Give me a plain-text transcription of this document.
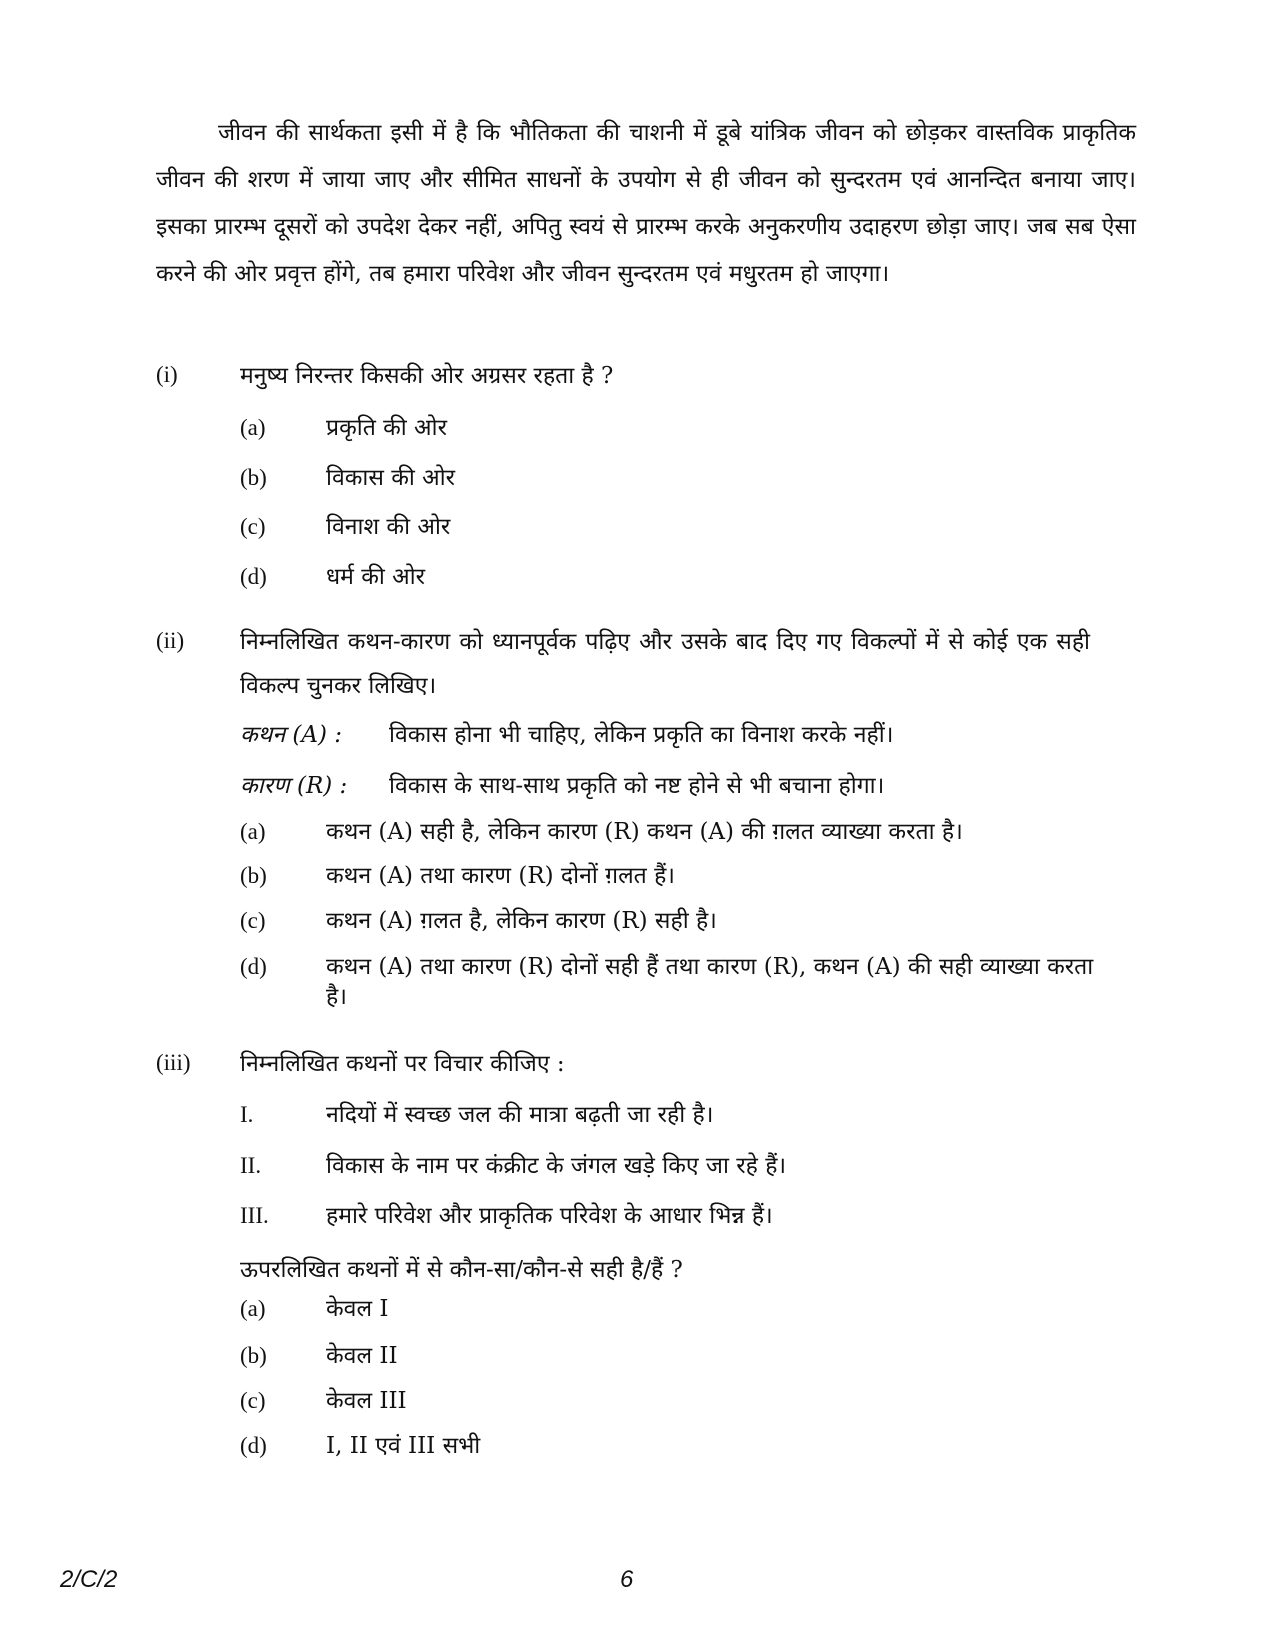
जीवन की सार्थकता इसी में है कि भौतिकता की चाशनी में डूबे यांत्रिक जीवन को छोड़कर वास्तविक प्राकृतिक जीवन की शरण में जाया जाए और सीमित साधनों के उपयोग से ही जीवन को सुन्दरतम एवं आनन्दित बनाया जाए। इसका प्रारम्भ दूसरों को उपदेश देकर नहीं, अपितु स्वयं से प्रारम्भ करके अनुकरणीय उदाहरण छोड़ा जाए। जब सब ऐसा करने की ओर प्रवृत्त होंगे, तब हमारा परिवेश और जीवन सुन्दरतम एवं मधुरतम हो जाएगा।

(i)	मनुष्य निरन्तर किसकी ओर अग्रसर रहता है ?
(a)	प्रकृति की ओर
(b)	विकास की ओर
(c)	विनाश की ओर
(d)	धर्म की ओर
(ii) निम्नलिखित कथन-कारण को ध्यानपूर्वक पढ़िए और उसके बाद दिए गए विकल्पों में से कोई एक सही विकल्प चुनकर लिखिए।
कथन (A) : विकास होना भी चाहिए, लेकिन प्रकृति का विनाश करके नहीं।
कारण (R) : विकास के साथ-साथ प्रकृति को नष्ट होने से भी बचाना होगा।
(a)	कथन (A) सही है, लेकिन कारण (R) कथन (A) की ग़लत व्याख्या करता है।
(b)	कथन (A) तथा कारण (R) दोनों ग़लत हैं।
(c)	कथन (A) ग़लत है, लेकिन कारण (R) सही है।
(d)	कथन (A) तथा कारण (R) दोनों सही हैं तथा कारण (R), कथन (A) की सही व्याख्या करता है।
(iii) निम्नलिखित कथनों पर विचार कीजिए :
I.	नदियों में स्वच्छ जल की मात्रा बढ़ती जा रही है।
II.	विकास के नाम पर कंक्रीट के जंगल खड़े किए जा रहे हैं।
III. हमारे परिवेश और प्राकृतिक परिवेश के आधार भिन्न हैं।
ऊपरलिखित कथनों में से कौन-सा/कौन-से सही है/हैं ?
(a)	केवल I
(b)	केवल II
(c)	केवल III
(d)	I, II एवं III सभी
2/C/2	6
